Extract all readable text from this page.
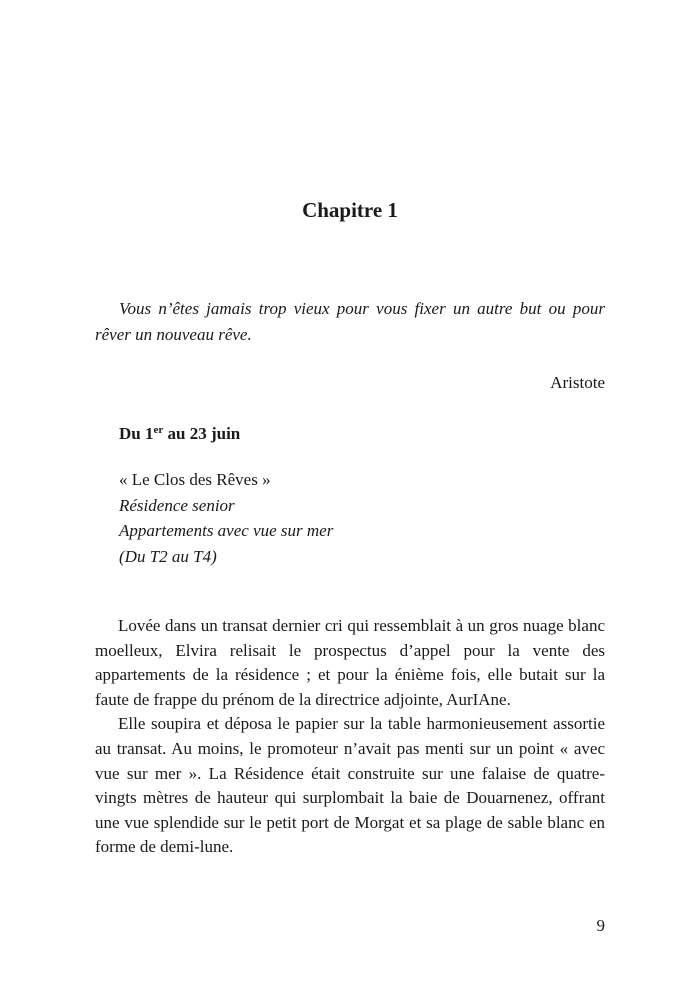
Chapitre 1
Vous n’êtes jamais trop vieux pour vous fixer un autre but ou pour rêver un nouveau rêve.
Aristote
Du 1er au 23 juin
« Le Clos des Rêves »
Résidence senior
Appartements avec vue sur mer
(Du T2 au T4)

Lovée dans un transat dernier cri qui ressemblait à un gros nuage blanc moelleux, Elvira relisait le prospectus d’appel pour la vente des appartements de la résidence ; et pour la énième fois, elle butait sur la faute de frappe du prénom de la directrice adjointe, AurIAne.

Elle soupira et déposa le papier sur la table harmonieusement assortie au transat. Au moins, le promoteur n’avait pas menti sur un point « avec vue sur mer ». La Résidence était construite sur une falaise de quatre-vingts mètres de hauteur qui surplombait la baie de Douarnenez, offrant une vue splendide sur le petit port de Morgat et sa plage de sable blanc en forme de demi-lune.

9
